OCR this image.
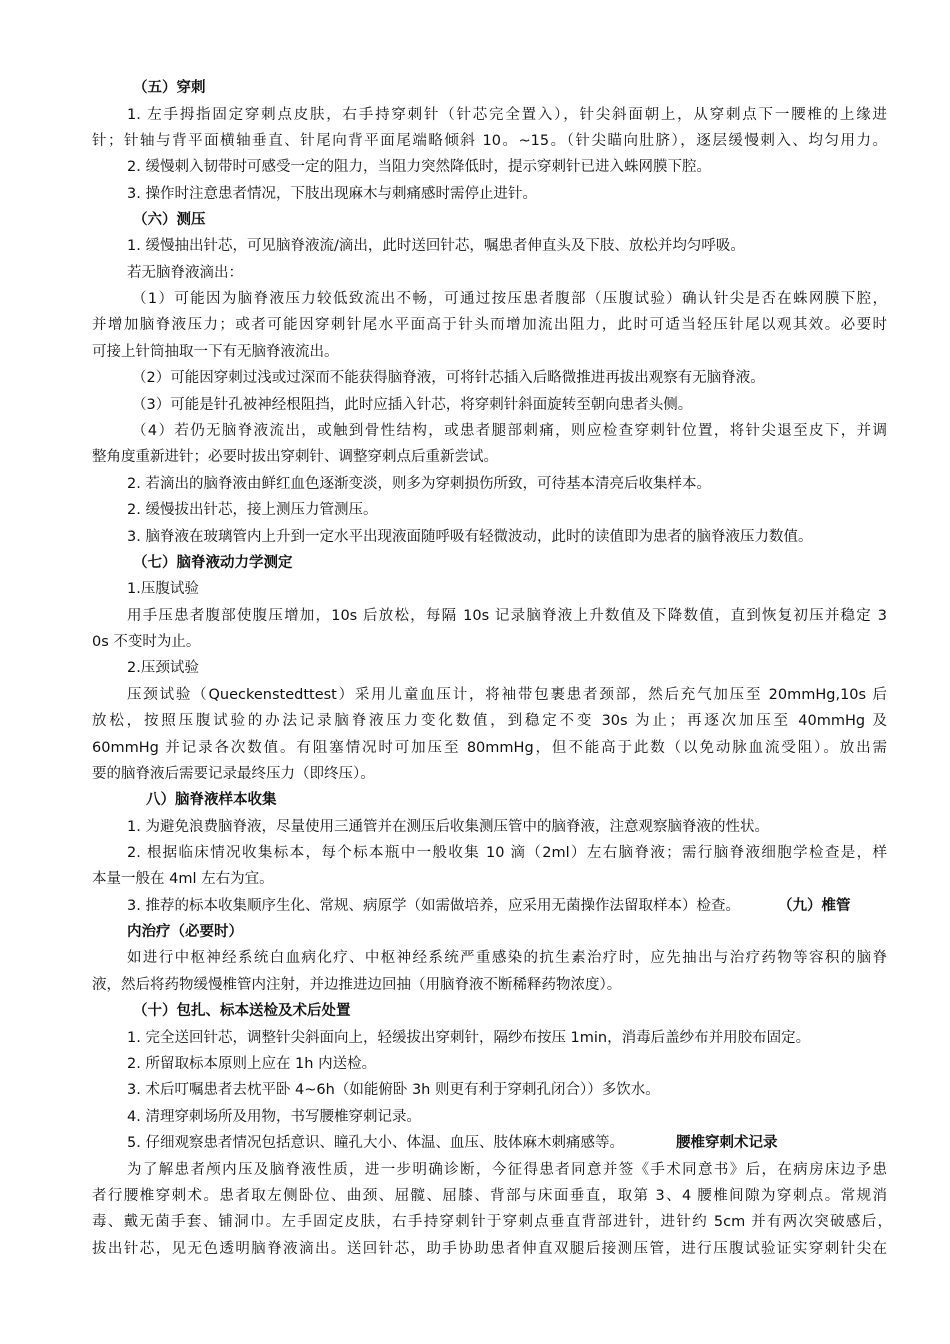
（五）穿刺
1. 左手拇指固定穿刺点皮肤，右手持穿刺针（针芯完全置入），针尖斜面朝上，从穿刺点下一腰椎的上缘进
针；针轴与背平面横轴垂直、针尾向背平面尾端略倾斜 10。~15。（针尖瞄向肚脐），逐层缓慢刺入、均匀用力。
2. 缓慢刺入韧带时可感受一定的阻力，当阻力突然降低时，提示穿刺针已进入蛛网膜下腔。
3. 操作时注意患者情况，下肢出现麻木与刺痛感时需停止进针。
（六）测压
1. 缓慢抽出针芯，可见脑脊液流/滴出，此时送回针芯，嘱患者伸直头及下肢、放松并均匀呼吸。
若无脑脊液滴出：
（1）可能因为脑脊液压力较低致流出不畅，可通过按压患者腹部（压腹试验）确认针尖是否在蛛网膜下腔，
并增加脑脊液压力；或者可能因穿刺针尾水平面高于针头而增加流出阻力，此时可适当轻压针尾以观其效。必要时
可接上针筒抽取一下有无脑脊液流出。
（2）可能因穿刺过浅或过深而不能获得脑脊液，可将针芯插入后略微推进再拔出观察有无脑脊液。
（3）可能是针孔被神经根阻挡，此时应插入针芯，将穿刺针斜面旋转至朝向患者头侧。
（4）若仍无脑脊液流出，或触到骨性结构，或患者腿部刺痛，则应检查穿刺针位置，将针尖退至皮下，并调
整角度重新进针；必要时拔出穿刺针、调整穿刺点后重新尝试。
2. 若滴出的脑脊液由鲜红血色逐渐变淡，则多为穿刺损伤所致，可待基本清亮后收集样本。
2. 缓慢拔出针芯，接上测压力管测压。
3. 脑脊液在玻璃管内上升到一定水平出现液面随呼吸有轻微波动，此时的读值即为患者的脑脊液压力数值。
（七）脑脊液动力学测定
1.压腹试验
用手压患者腹部使腹压增加，10s 后放松，每隔 10s 记录脑脊液上升数值及下降数值，直到恢复初压并稳定 3
0s 不变时为止。
2.压颈试验
压颈试验（Queckenstedttest）采用儿童血压计，将袖带包裹患者颈部，然后充气加压至 20mmHg,10s 后
放松，按照压腹试验的办法记录脑脊液压力变化数值，到稳定不变 30s 为止；再逐次加压至 40mmHg 及
60mmHg 并记录各次数值。有阻塞情况时可加压至 80mmHg，但不能高于此数（以免动脉血流受阻）。放出需
要的脑脊液后需要记录最终压力（即终压）。
八）脑脊液样本收集
1. 为避免浪费脑脊液，尽量使用三通管并在测压后收集测压管中的脑脊液，注意观察脑脊液的性状。
2. 根据临床情况收集标本，每个标本瓶中一般收集 10 滴（2ml）左右脑脊液；需行脑脊液细胞学检查是，样
本量一般在 4ml 左右为宜。
3. 推荐的标本收集顺序生化、常规、病原学（如需做培养，应采用无菌操作法留取样本）检查。	（九）椎管
内治疗（必要时）
如进行中枢神经系统白血病化疗、中枢神经系统严重感染的抗生素治疗时，应先抽出与治疗药物等容积的脑脊
液，然后将药物缓慢椎管内注射，并边推进边回抽（用脑脊液不断稀释药物浓度）。
（十）包扎、标本送检及术后处置
1. 完全送回针芯，调整针尖斜面向上，轻缓拔出穿刺针，隔纱布按压 1min，消毒后盖纱布并用胶布固定。
2. 所留取标本原则上应在 1h 内送检。
3. 术后叮嘱患者去枕平卧 4~6h（如能俯卧 3h 则更有利于穿刺孔闭合））多饮水。
4. 清理穿刺场所及用物，书写腰椎穿刺记录。
5. 仔细观察患者情况包括意识、瞳孔大小、体温、血压、肢体麻木刺痛感等。	腰椎穿刺术记录
为了解患者颅内压及脑脊液性质，进一步明确诊断，今征得患者同意并签《手术同意书》后，在病房床边予患
者行腰椎穿刺术。患者取左侧卧位、曲颈、屈髋、屈膝、背部与床面垂直，取第 3、4 腰椎间隙为穿刺点。常规消
毒、戴无菌手套、铺洞巾。左手固定皮肤，右手持穿刺针于穿刺点垂直背部进针，进针约 5cm 并有两次突破感后，
拔出针芯，见无色透明脑脊液滴出。送回针芯，助手协助患者伸直双腿后接测压管，进行压腹试验证实穿刺针尖在
